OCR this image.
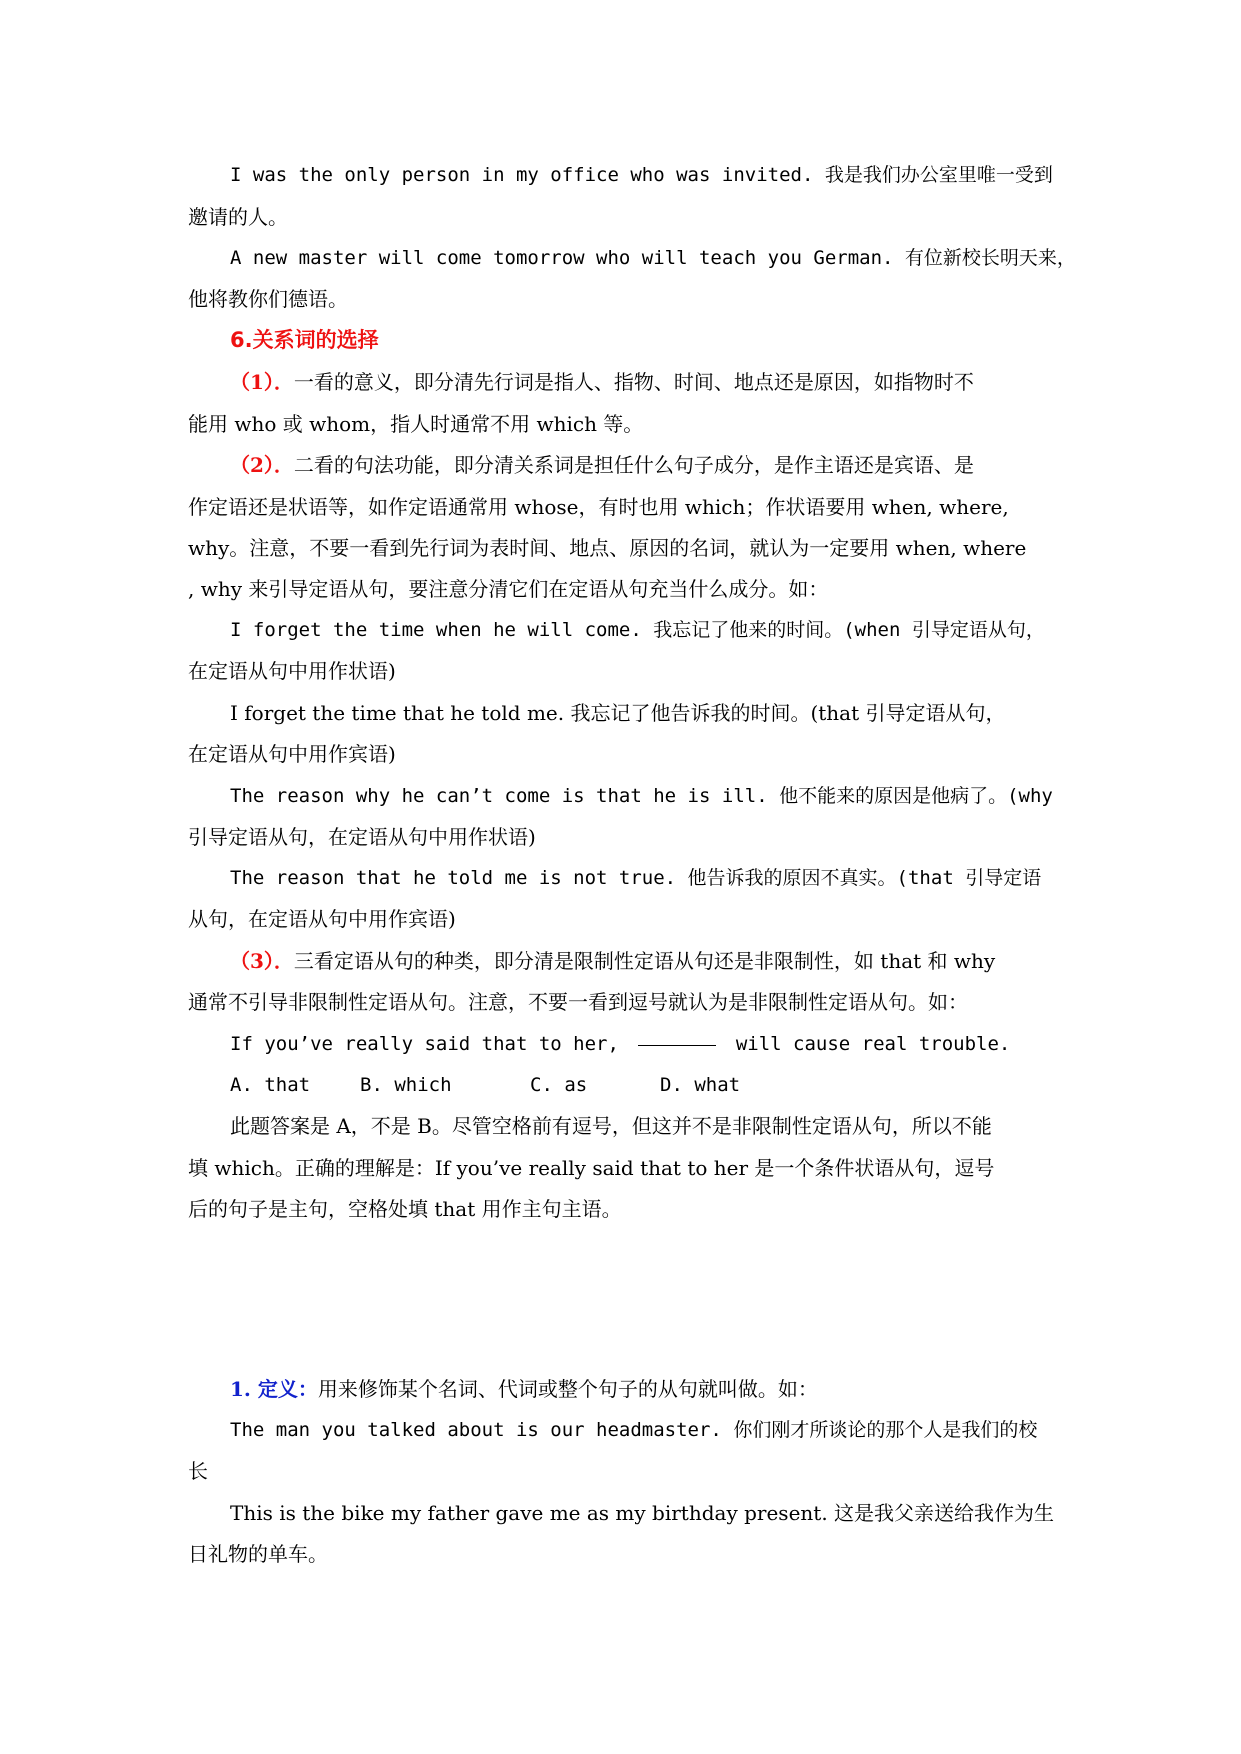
I was the only person in my office who was invited. 我是我们办公室里唯一受到
邀请的人。
A new master will come tomorrow who will teach you German. 有位新校长明天来，
他将教你们德语。
6.关系词的选择
（1）．一看的意义，即分清先行词是指人、指物、时间、地点还是原因，如指物时不
能用 who 或 whom，指人时通常不用 which 等。
（2）．二看的句法功能，即分清关系词是担任什么句子成分，是作主语还是宾语、是
作定语还是状语等，如作定语通常用 whose，有时也用 which；作状语要用 when, where,
why。注意，不要一看到先行词为表时间、地点、原因的名词，就认为一定要用 when, where
, why 来引导定语从句，要注意分清它们在定语从句充当什么成分。如：
I forget the time when he will come. 我忘记了他来的时间。(when 引导定语从句，
在定语从句中用作状语)
I forget the time that he told me. 我忘记了他告诉我的时间。(that 引导定语从句，
在定语从句中用作宾语)
The reason why he can’t come is that he is ill. 他不能来的原因是他病了。(why
引导定语从句，在定语从句中用作状语)
The reason that he told me is not true. 他告诉我的原因不真实。(that 引导定语
从句，在定语从句中用作宾语)
（3）．三看定语从句的种类，即分清是限制性定语从句还是非限制性，如 that 和 why
通常不引导非限制性定语从句。注意，不要一看到逗号就认为是非限制性定语从句。如：
If you’ve really said that to her,	will cause real trouble.
A. that	B. which	C. as	D. what
此题答案是 A，不是 B。尽管空格前有逗号，但这并不是非限制性定语从句，所以不能
填 which。正确的理解是：If you’ve really said that to her 是一个条件状语从句，逗号
后的句子是主句，空格处填 that 用作主句主语。
1. 定义：用来修饰某个名词、代词或整个句子的从句就叫做。如：
The man you talked about is our headmaster. 你们刚才所谈论的那个人是我们的校
长
This is the bike my father gave me as my birthday present. 这是我父亲送给我作为生
日礼物的单车。
